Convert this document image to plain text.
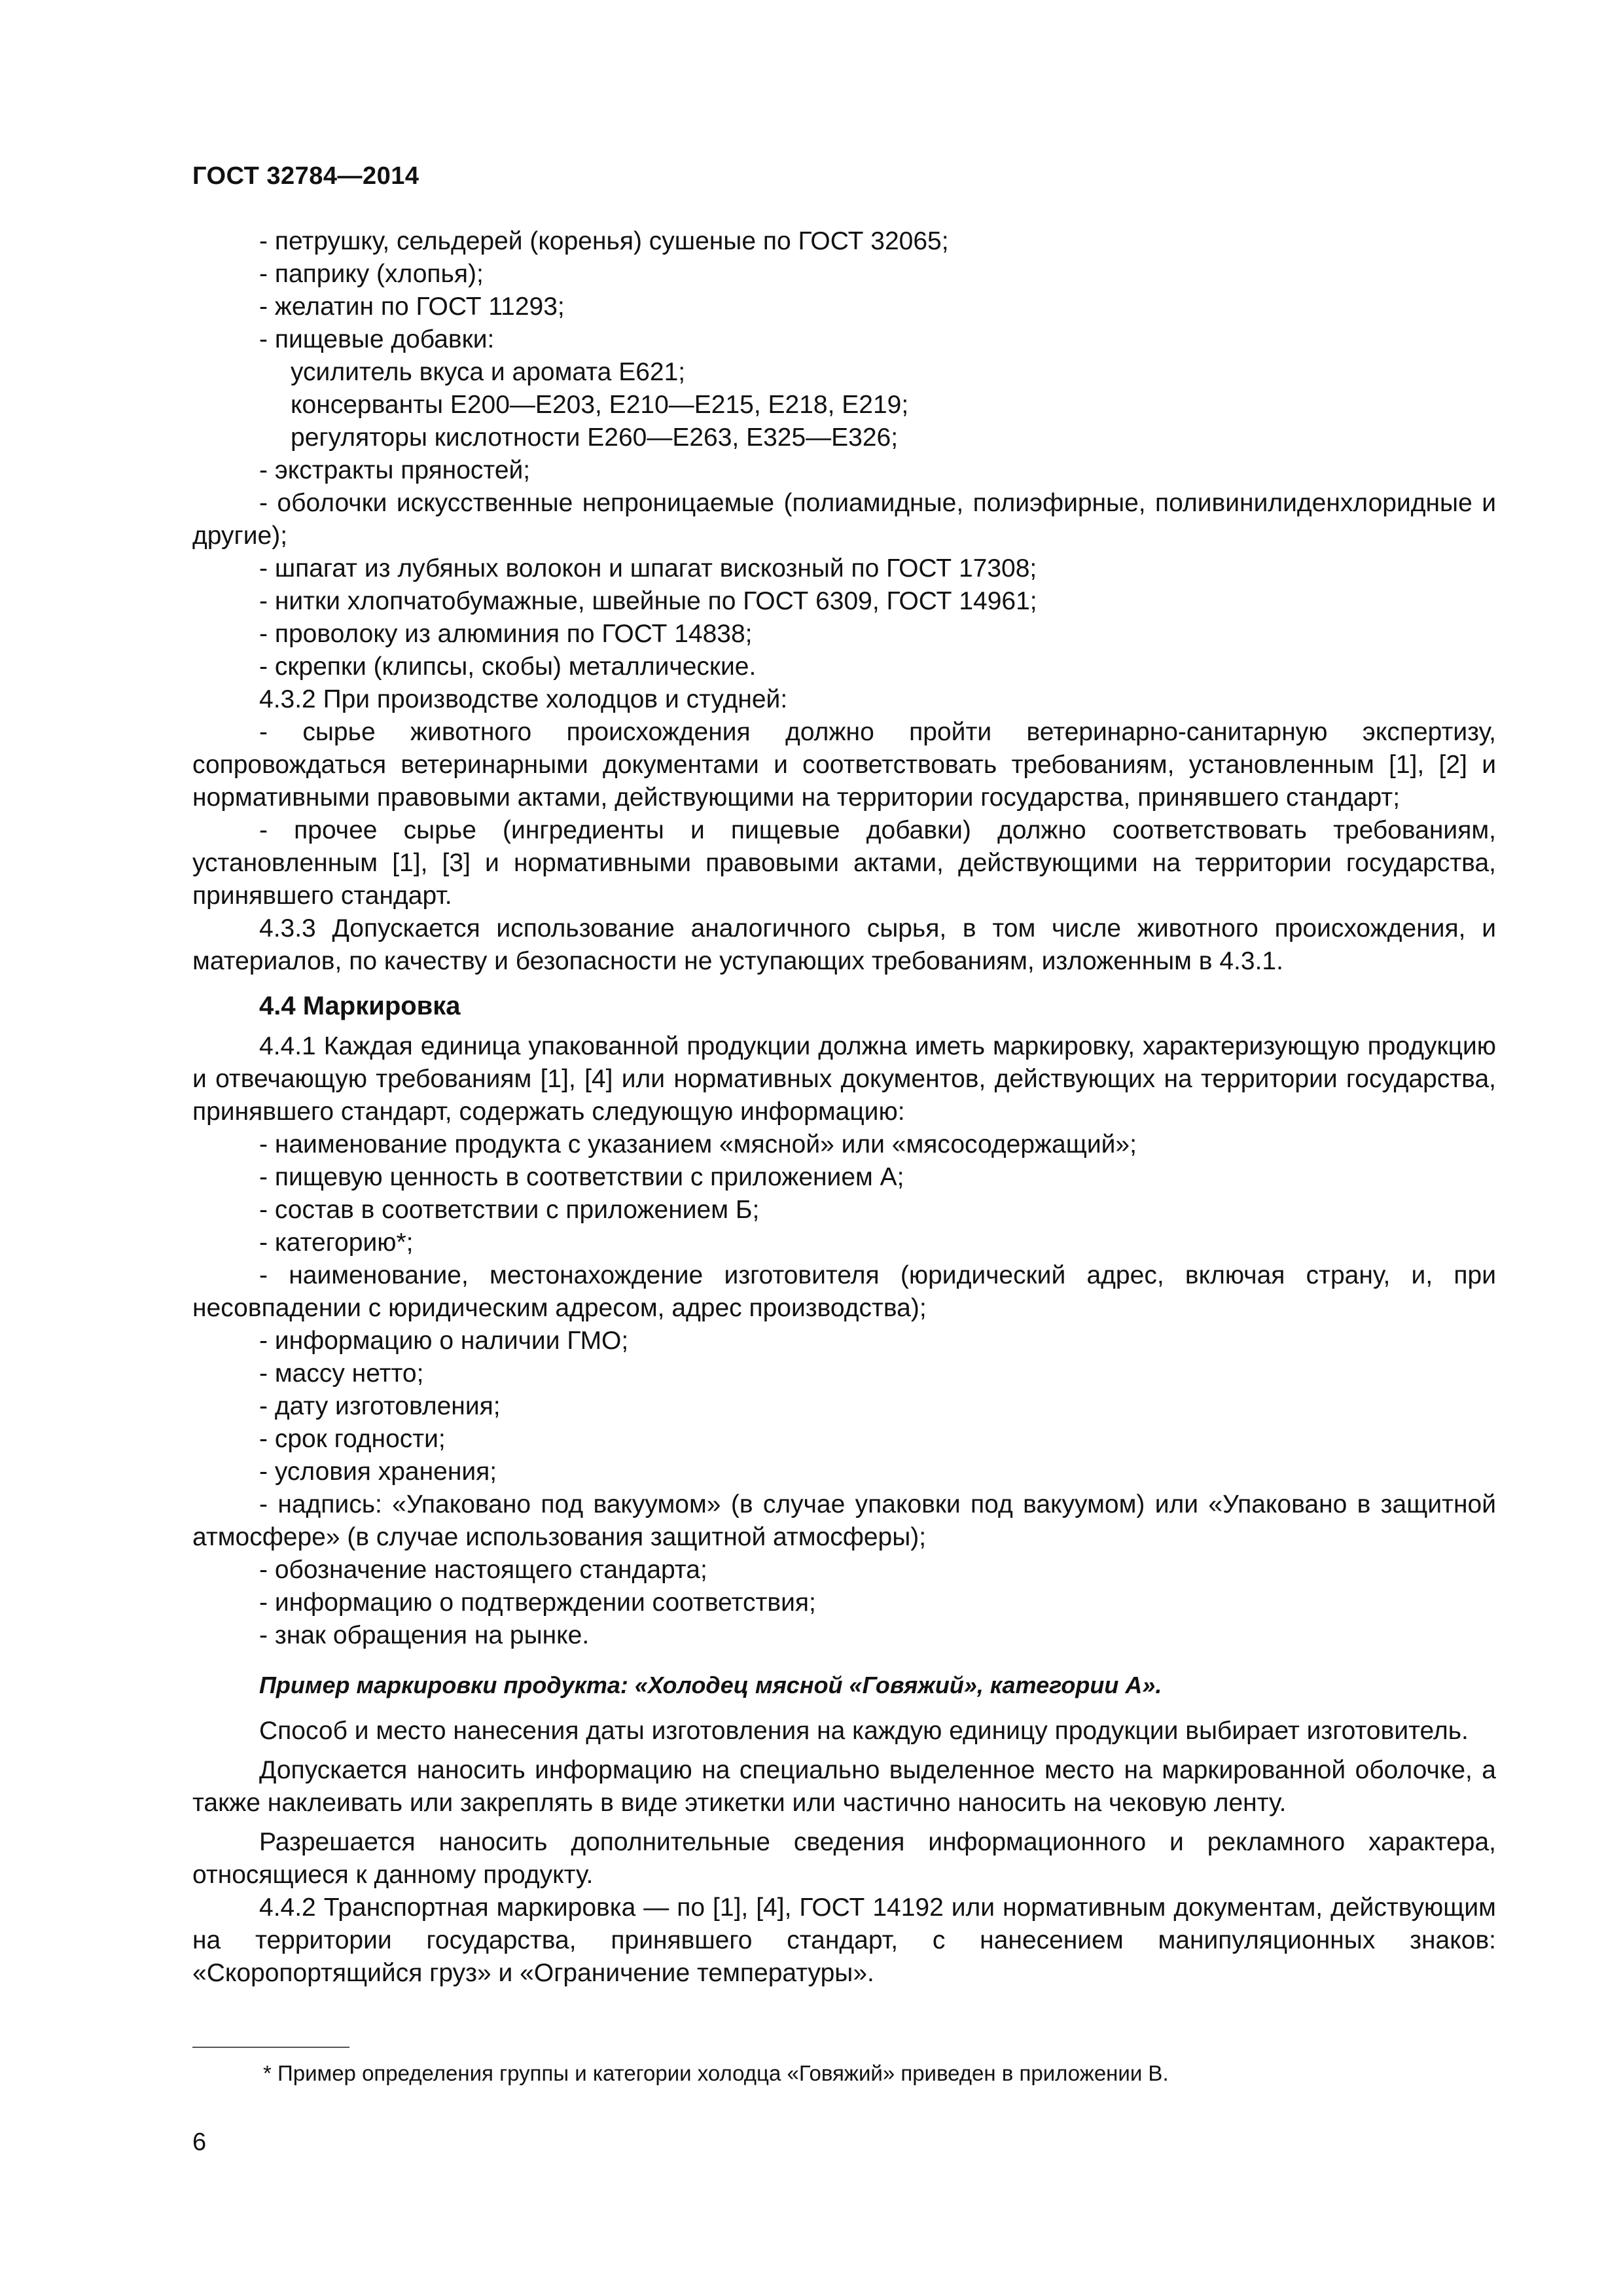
ГОСТ 32784—2014

- петрушку, сельдерей (коренья) сушеные по ГОСТ 32065;

- паприку (хлопья);

- желатин по ГОСТ 11293;

- пищевые добавки:

усилитель вкуса и аромата Е621;

консерванты Е200—Е203, Е210—Е215, Е218, Е219;

регуляторы кислотности Е260—Е263, Е325—Е326;

- экстракты пряностей;

- оболочки искусственные непроницаемые (полиамидные, полиэфирные, поливинилиденхлоридные и другие);

- шпагат из лубяных волокон и шпагат вискозный по ГОСТ 17308;

- нитки хлопчатобумажные, швейные по ГОСТ 6309, ГОСТ 14961;

- проволоку из алюминия по ГОСТ 14838;

- скрепки (клипсы, скобы) металлические.

4.3.2 При производстве холодцов и студней:

- сырье животного происхождения должно пройти ветеринарно-санитарную экспертизу, сопровождаться ветеринарными документами и соответствовать требованиям, установленным [1], [2] и нормативными правовыми актами, действующими на территории государства, принявшего стандарт;

- прочее сырье (ингредиенты и пищевые добавки) должно соответствовать требованиям, установленным [1], [3] и нормативными правовыми актами, действующими на территории государства, принявшего стандарт.

4.3.3 Допускается использование аналогичного сырья, в том числе животного происхождения, и материалов, по качеству и безопасности не уступающих требованиям, изложенным в 4.3.1.

4.4 Маркировка

4.4.1 Каждая единица упакованной продукции должна иметь маркировку, характеризующую продукцию и отвечающую требованиям [1], [4] или нормативных документов, действующих на территории государства, принявшего стандарт, содержать следующую информацию:

- наименование продукта с указанием «мясной» или «мясосодержащий»;

- пищевую ценность в соответствии с приложением А;

- состав в соответствии с приложением Б;

- категорию*;

- наименование, местонахождение изготовителя (юридический адрес, включая страну, и, при несовпадении с юридическим адресом, адрес производства);

- информацию о наличии ГМО;

- массу нетто;

- дату изготовления;

- срок годности;

- условия хранения;

- надпись: «Упаковано под вакуумом» (в случае упаковки под вакуумом) или «Упаковано в защитной атмосфере» (в случае использования защитной атмосферы);

- обозначение настоящего стандарта;

- информацию о подтверждении соответствия;

- знак обращения на рынке.

Пример маркировки продукта: «Холодец мясной «Говяжий», категории А».

Способ и место нанесения даты изготовления на каждую единицу продукции выбирает изготовитель.

Допускается наносить информацию на специально выделенное место на маркированной оболочке, а также наклеивать или закреплять в виде этикетки или частично наносить на чековую ленту.

Разрешается наносить дополнительные сведения информационного и рекламного характера, относящиеся к данному продукту.

4.4.2 Транспортная маркировка — по [1], [4], ГОСТ 14192 или нормативным документам, действующим на территории государства, принявшего стандарт, с нанесением манипуляционных знаков: «Скоропортящийся груз» и «Ограничение температуры».

* Пример определения группы и категории холодца «Говяжий» приведен в приложении В.
6
